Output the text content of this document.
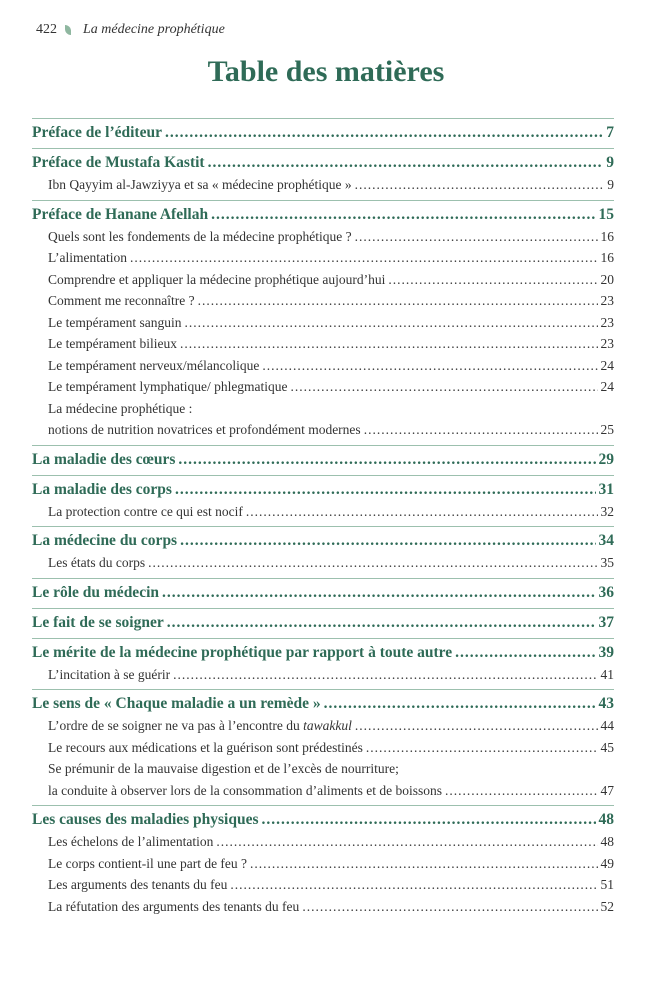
422 La médecine prophétique
Table des matières
Préface de l’éditeur .....	7
Préface de Mustafa Kastit .....	9
Ibn Qayyim al-Jawziyya et sa « médecine prophétique » .....	9
Préface de Hanane Afellah .....	15
Quels sont les fondements de la médecine prophétique ? .....	16
L’alimentation .....	16
Comprendre et appliquer la médecine prophétique aujourd’hui .....	20
Comment me reconnaître ? .....	23
Le tempérament sanguin .....	23
Le tempérament bilieux .....	23
Le tempérament nerveux/mélancolique .....	24
Le tempérament lymphatique/ phlegmatique .....	24
La médecine prophétique :
notions de nutrition novatrices et profondément modernes .....	25
La maladie des cœurs .....	29
La maladie des corps .....	31
La protection contre ce qui est nocif .....	32
La médecine du corps .....	34
Les états du corps .....	35
Le rôle du médecin .....	36
Le fait de se soigner .....	37
Le mérite de la médecine prophétique par rapport à toute autre .....	39
L’incitation à se guérir .....	41
Le sens de « Chaque maladie a un remède » .....	43
L’ordre de se soigner ne va pas à l’encontre du tawakkul .....	44
Le recours aux médications et la guérison sont prédestinés .....	45
Se prémunir de la mauvaise digestion et de l’excès de nourriture;
la conduite à observer lors de la consommation d’aliments et de boissons .....	47
Les causes des maladies physiques .....	48
Les échelons de l’alimentation .....	48
Le corps contient-il une part de feu ? .....	49
Les arguments des tenants du feu .....	51
La réfutation des arguments des tenants du feu .....	52
